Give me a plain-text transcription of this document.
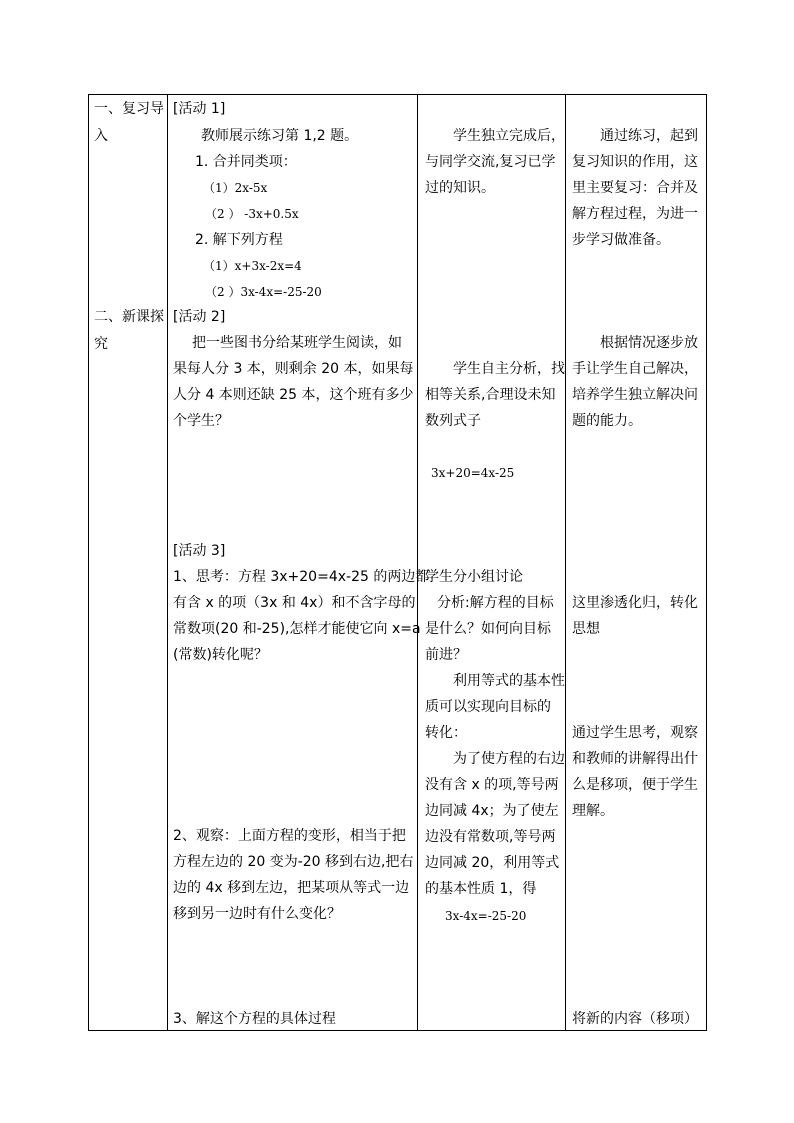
一、复习导
入
二、新课探
究
[活动 1]
教师展示练习第 1,2 题。
1. 合并同类项：
（1）2x-5x
（2 ） -3x+0.5x
2. 解下列方程
（1）x+3x-2x=4
（2 ）3x-4x=-25-20
[活动 2]
把一些图书分给某班学生阅读，如
果每人分 3 本，则剩余 20 本，如果每
人分 4 本则还缺 25 本，这个班有多少
个学生？
[活动 3]
1、思考：方程 3x+20=4x-25 的两边都
有含 x 的项（3x 和 4x）和不含字母的
常数项(20 和-25),怎样才能使它向 x=a
(常数)转化呢？
2、观察：上面方程的变形，相当于把
方程左边的 20 变为-20 移到右边,把右
边的 4x 移到左边，把某项从等式一边
移到另一边时有什么变化？
3、解这个方程的具体过程
学生独立完成后，
与同学交流,复习已学
过的知识。
学生自主分析，找
相等关系,合理设未知
数列式子
3x+20=4x-25
学生分小组讨论
分析:解方程的目标
是什么？如何向目标
前进？
利用等式的基本性
质可以实现向目标的
转化：
为了使方程的右边
没有含 x 的项,等号两
边同减 4x；为了使左
边没有常数项,等号两
边同减 20，利用等式
的基本性质 1，得
3x-4x=-25-20
通过练习，起到
复习知识的作用，这
里主要复习：合并及
解方程过程，为进一
步学习做准备。
根据情况逐步放
手让学生自己解决，
培养学生独立解决问
题的能力。
这里渗透化归，转化
思想
通过学生思考，观察
和教师的讲解得出什
么是移项，便于学生
理解。
将新的内容（移项）
